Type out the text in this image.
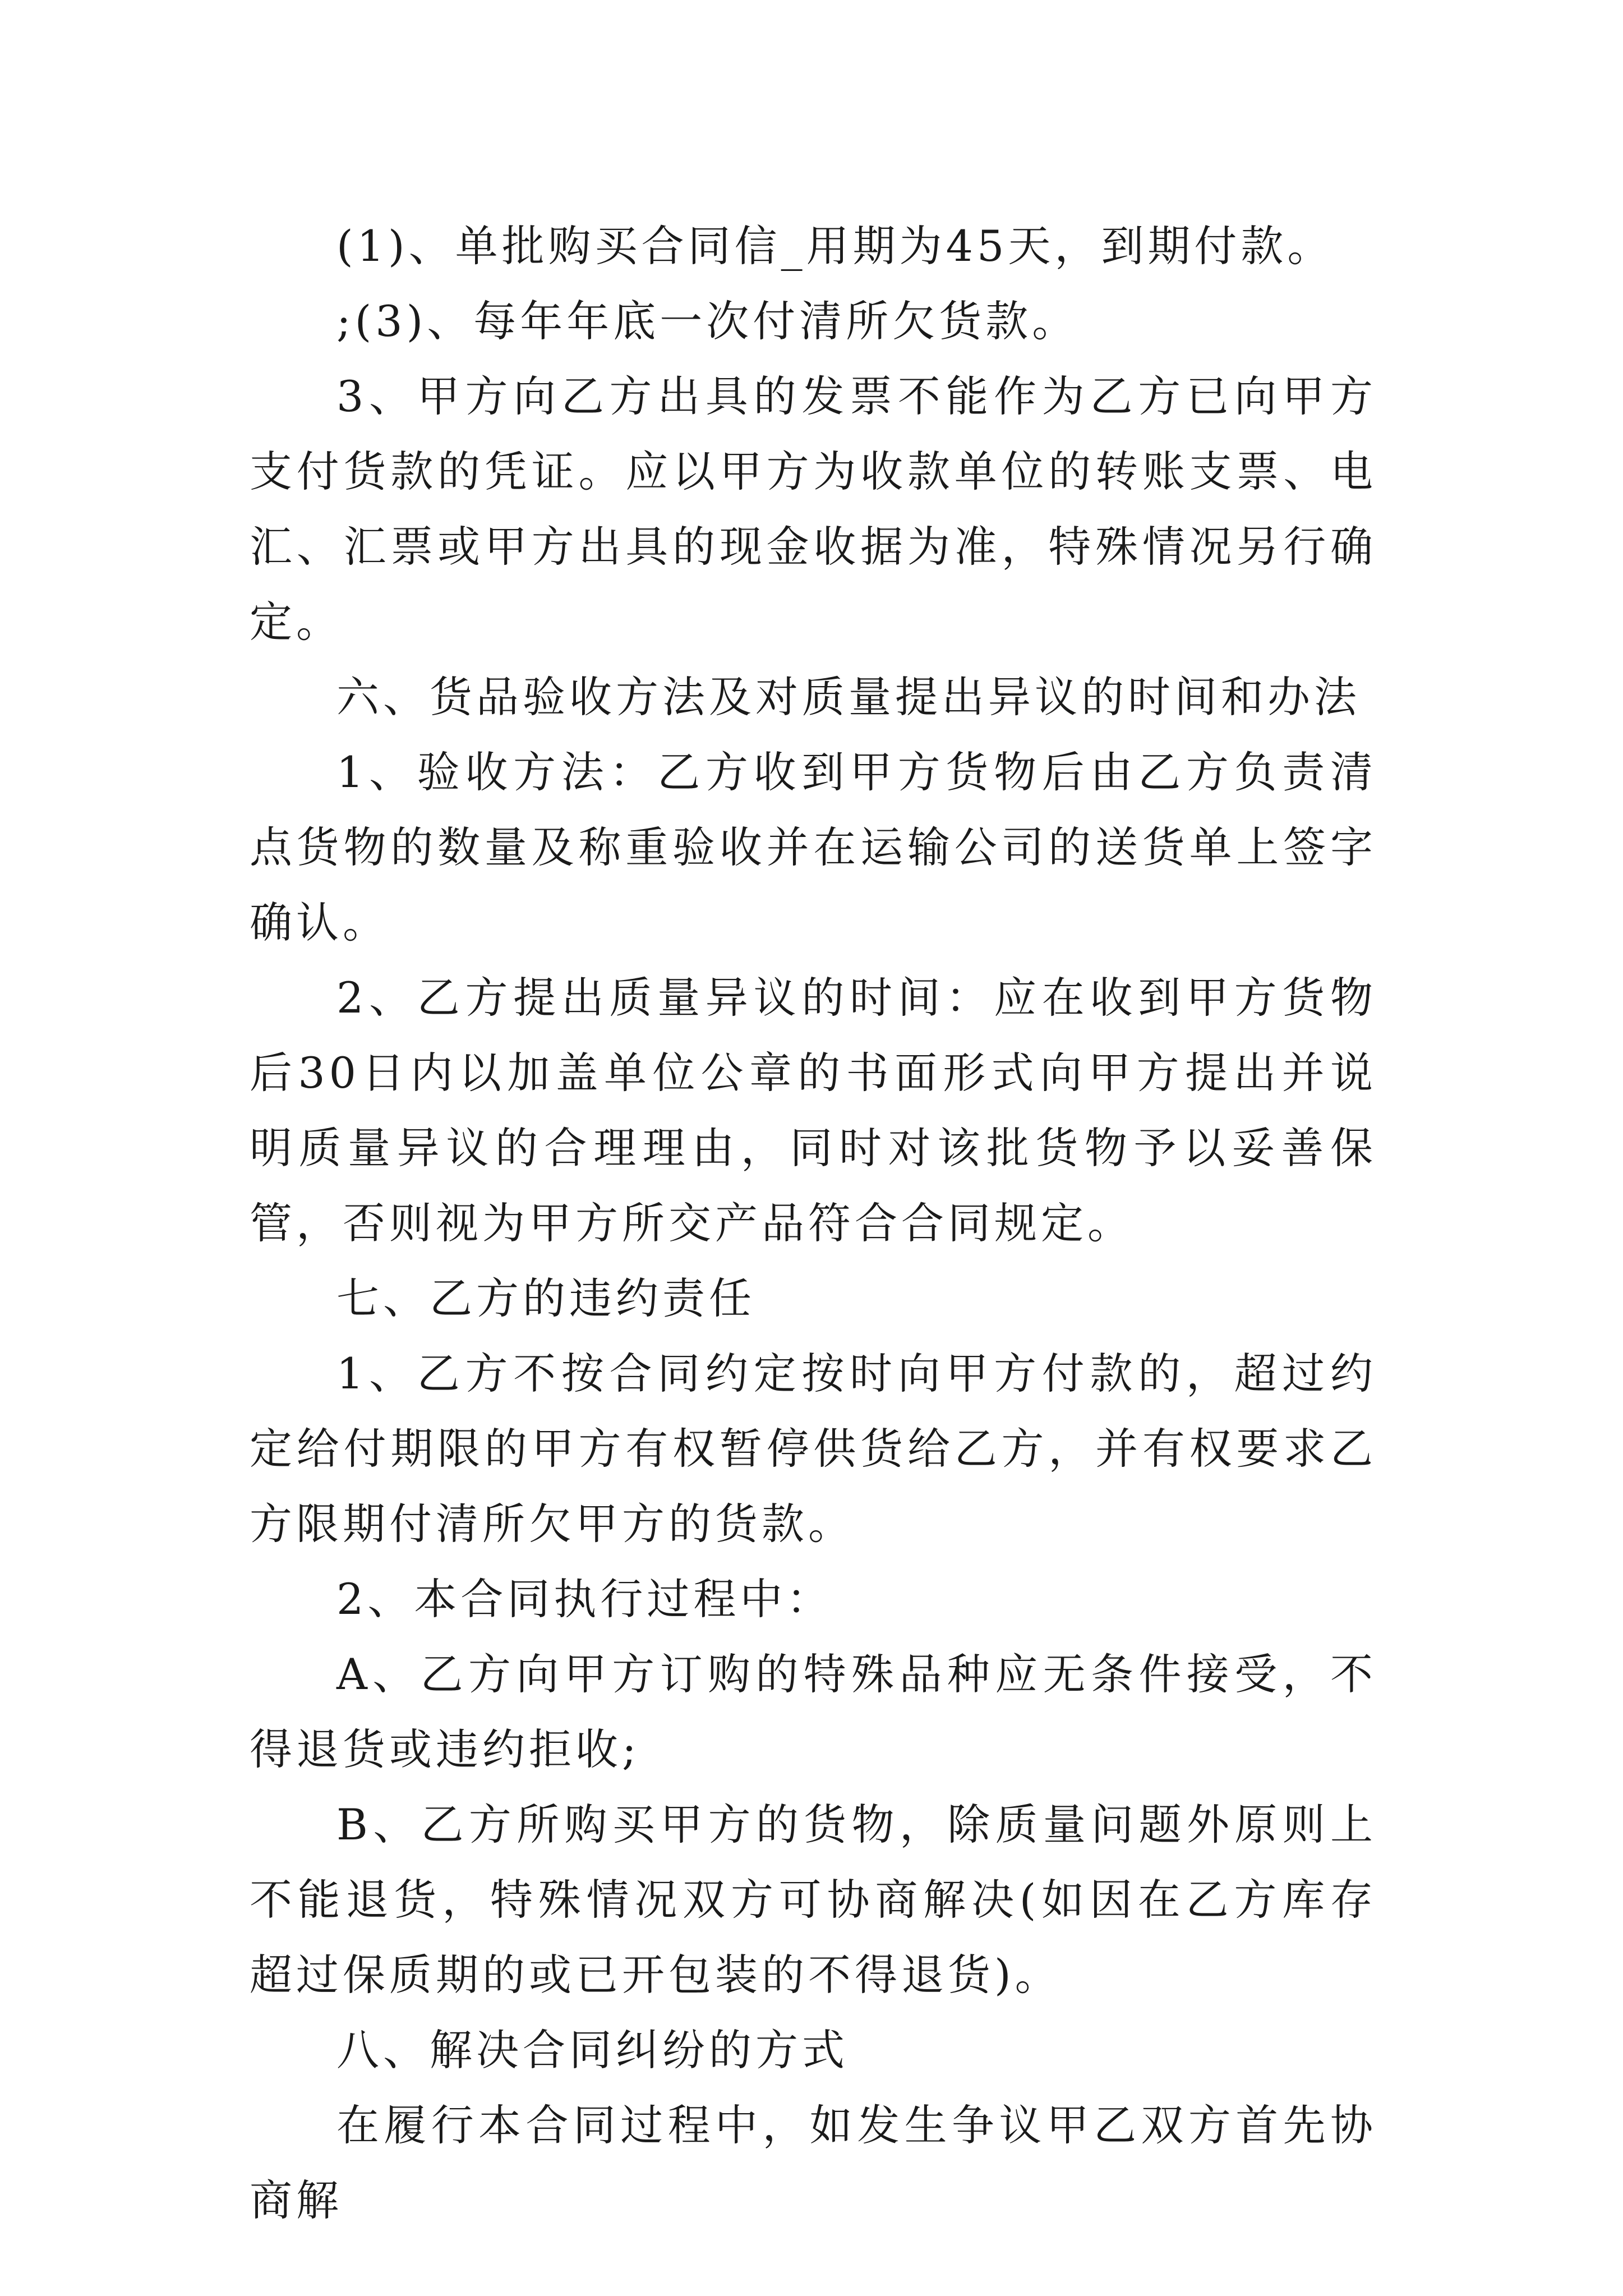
(1)、单批购买合同信_用期为45天，到期付款。

;(3)、每年年底一次付清所欠货款。

3、甲方向乙方出具的发票不能作为乙方已向甲方支付货款的凭证。应以甲方为收款单位的转账支票、电汇、汇票或甲方出具的现金收据为准，特殊情况另行确定。

六、货品验收方法及对质量提出异议的时间和办法

1、验收方法：乙方收到甲方货物后由乙方负责清点货物的数量及称重验收并在运输公司的送货单上签字确认。

2、乙方提出质量异议的时间：应在收到甲方货物后30日内以加盖单位公章的书面形式向甲方提出并说明质量异议的合理理由，同时对该批货物予以妥善保管，否则视为甲方所交产品符合合同规定。

七、乙方的违约责任

1、乙方不按合同约定按时向甲方付款的，超过约定给付期限的甲方有权暂停供货给乙方，并有权要求乙方限期付清所欠甲方的货款。

2、本合同执行过程中：

A、乙方向甲方订购的特殊品种应无条件接受，不得退货或违约拒收;

B、乙方所购买甲方的货物，除质量问题外原则上不能退货，特殊情况双方可协商解决(如因在乙方库存超过保质期的或已开包装的不得退货)。

八、解决合同纠纷的方式

在履行本合同过程中，如发生争议甲乙双方首先协商解
